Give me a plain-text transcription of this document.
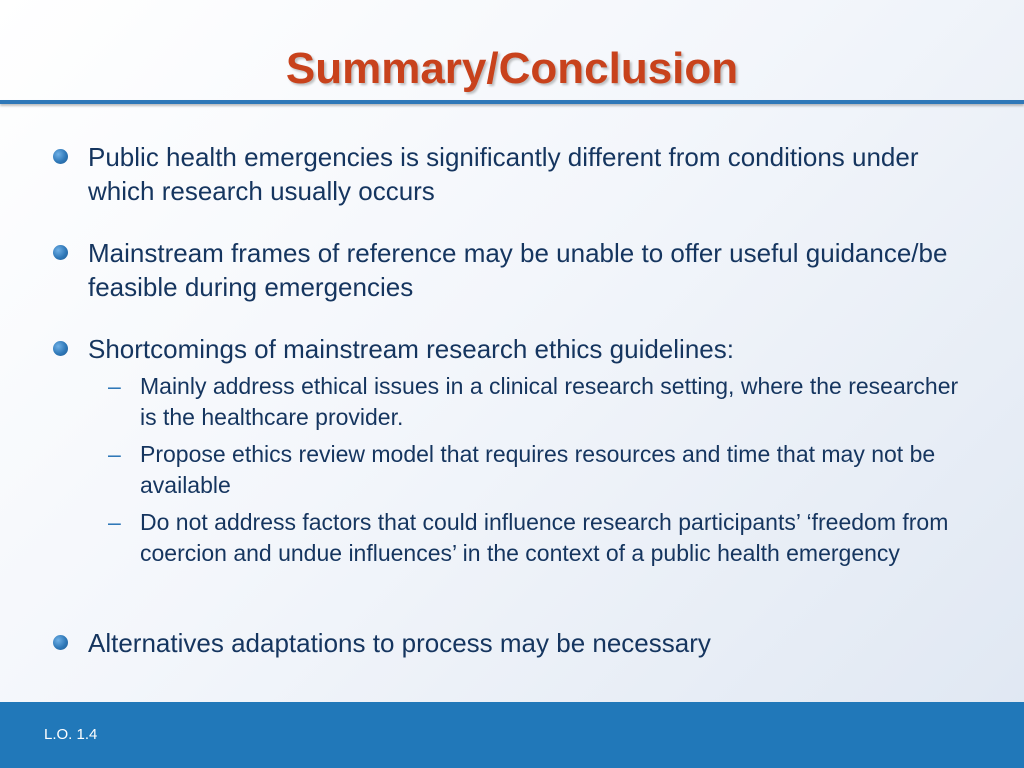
Summary/Conclusion
Public health emergencies is significantly different from conditions under which research usually occurs
Mainstream frames of reference may be unable to offer useful guidance/be feasible during emergencies
Shortcomings of mainstream research ethics guidelines:
– Mainly address ethical issues in a clinical research setting, where the researcher is the healthcare provider.
– Propose ethics review model that requires resources and time that may not be available
– Do not address factors that could influence research participants’ ‘freedom from coercion and undue influences’ in the context of a public health emergency
Alternatives adaptations to process may be necessary
L.O. 1.4
